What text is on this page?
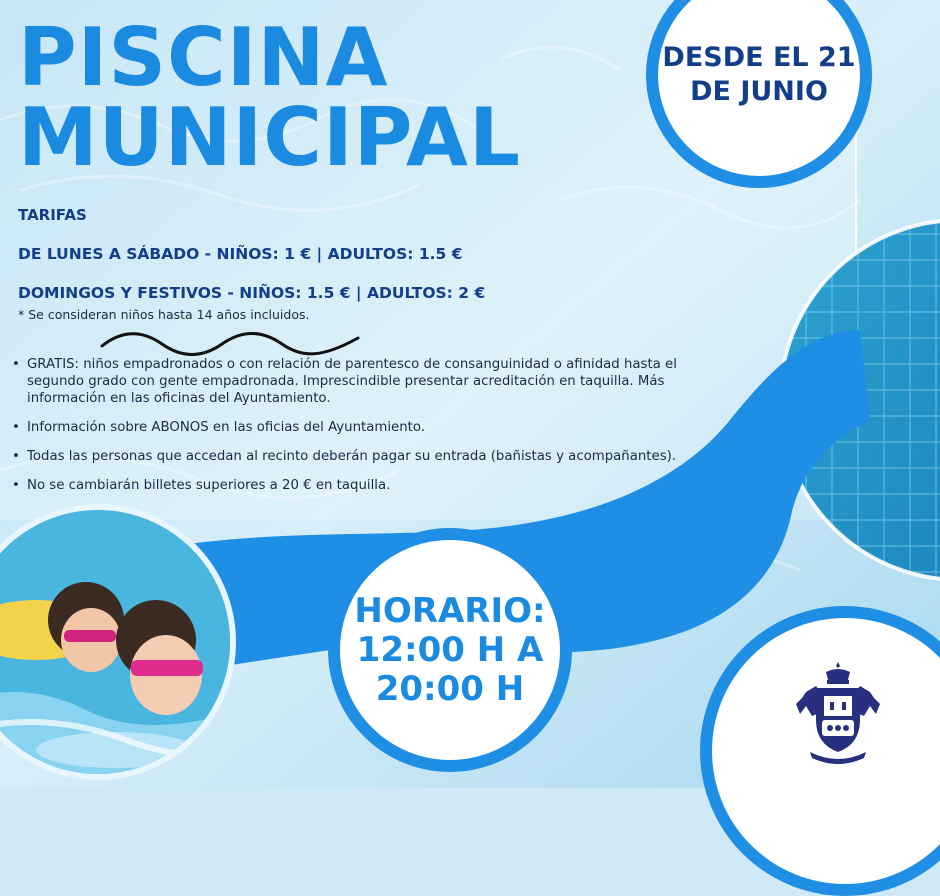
PISCINA
MUNICIPAL
DESDE EL 21
DE JUNIO
TARIFAS
DE LUNES A SÁBADO - NIÑOS: 1 € | ADULTOS: 1.5 €
DOMINGOS Y FESTIVOS - NIÑOS: 1.5 € | ADULTOS: 2 €
* Se consideran niños hasta 14 años incluidos.
• GRATIS: niños empadronados o con relación de parentesco de consanguinidad o afinidad hasta el segundo grado con gente empadronada. Imprescindible presentar acreditación en taquilla. Más información en las oficinas del Ayuntamiento.
• Información sobre ABONOS en las oficias del Ayuntamiento.
• Todas las personas que accedan al recinto deberán pagar su entrada (bañistas y acompañantes).
• No se cambiarán billetes superiores a 20 € en taquilla.
HORARIO:
12:00 H A
20:00 H
